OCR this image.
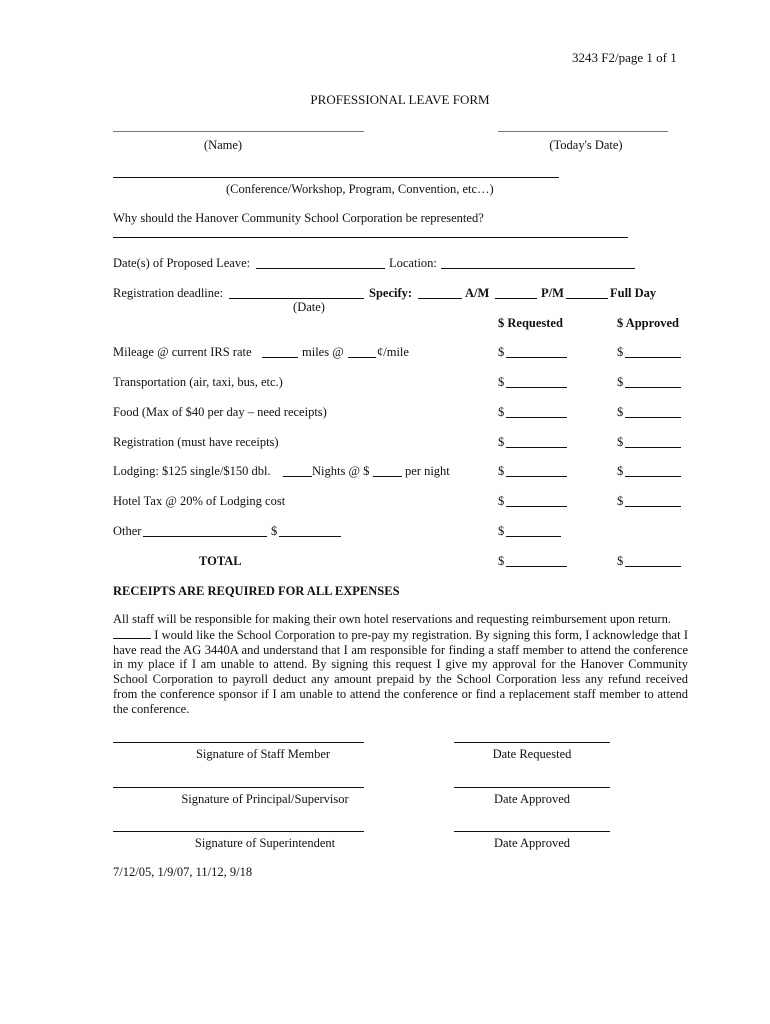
3243 F2/page 1 of 1
PROFESSIONAL LEAVE FORM
(Name)	(Today's Date)
(Conference/Workshop, Program, Convention, etc…)
Why should the Hanover Community School Corporation be represented?
Date(s) of Proposed Leave:	Location:
Registration deadline:
(Date)
Specify:	A/M	P/M	Full Day
$ Requested	$ Approved
Mileage @ current IRS rate	miles @	¢/mile	$	$
Transportation (air, taxi, bus, etc.)	$	$
Food (Max of $40 per day – need receipts)	$	$
Registration (must have receipts)	$	$
Lodging: $125 single/$150 dbl.	Nights @ $	per night	$	$
Hotel Tax @ 20% of Lodging cost	$	$
Other	$	$
TOTAL	$	$
RECEIPTS ARE REQUIRED FOR ALL EXPENSES
All staff will be responsible for making their own hotel reservations and requesting reimbursement upon return.
I would like the School Corporation to pre-pay my registration. By signing this form, I acknowledge that I have read the AG 3440A and understand that I am responsible for finding a staff member to attend the conference in my place if I am unable to attend. By signing this request I give my approval for the Hanover Community School Corporation to payroll deduct any amount prepaid by the School Corporation less any refund received from the conference sponsor if I am unable to attend the conference or find a replacement staff member to attend the conference.
Signature of Staff Member	Date Requested
Signature of Principal/Supervisor	Date Approved
Signature of Superintendent	Date Approved
7/12/05, 1/9/07, 11/12, 9/18
